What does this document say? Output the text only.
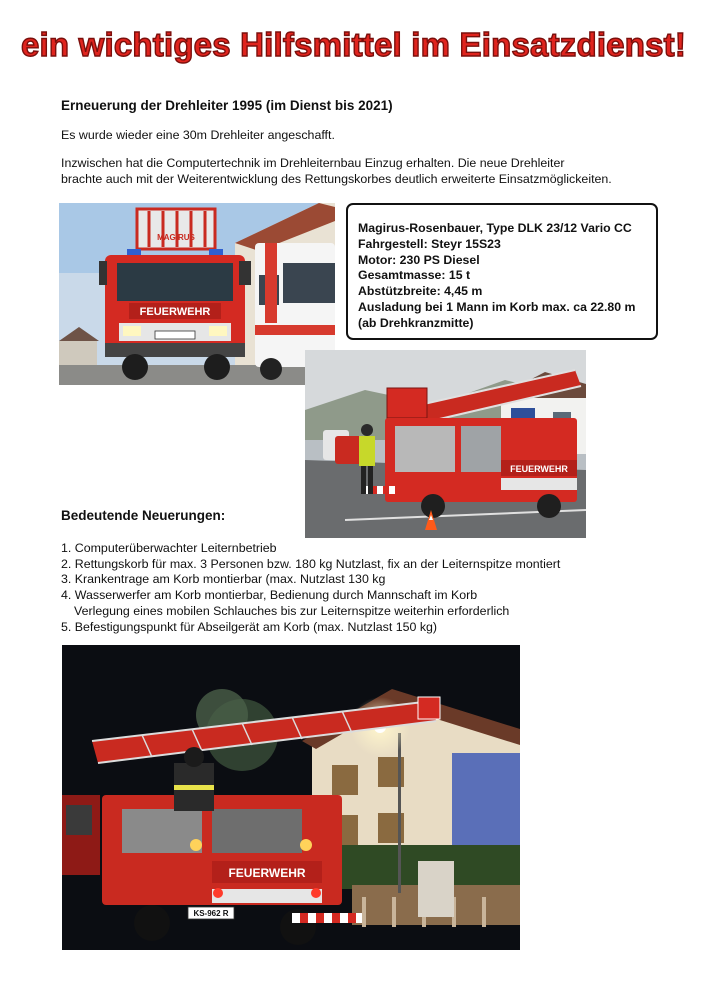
ein wichtiges Hilfsmittel im Einsatzdienst!
Erneuerung der Drehleiter 1995 (im Dienst bis 2021)
Es wurde wieder eine 30m Drehleiter angeschafft.
Inzwischen hat die Computertechnik im Drehleiternbau Einzug erhalten. Die neue Drehleiter
brachte auch mit der Weiterentwicklung des Rettungskorbes deutlich erweiterte Einsatzmöglickeiten.
MAGIRUS
FEUERWEHR
Magirus-Rosenbauer, Type DLK 23/12 Vario CC
Fahrgestell: Steyr 15S23
Motor: 230 PS Diesel
Gesamtmasse: 15 t
Abstützbreite: 4,45 m
Ausladung bei 1 Mann im Korb max. ca 22.80 m
(ab Drehkranzmitte)
FEUERWEHR
Bedeutende Neuerungen:
1. Computerüberwachter Leiternbetrieb
2. Rettungskorb für max. 3 Personen bzw. 180 kg Nutzlast, fix an der Leiternspitze montiert
3. Krankentrage am Korb montierbar (max. Nutzlast 130 kg
4. Wasserwerfer am Korb montierbar, Bedienung durch Mannschaft im Korb
Verlegung eines mobilen Schlauches bis zur Leiternspitze weiterhin erforderlich
5. Befestigungspunkt für Abseilgerät am Korb (max. Nutzlast 150 kg)
FEUERWEHR
KS-962 R
